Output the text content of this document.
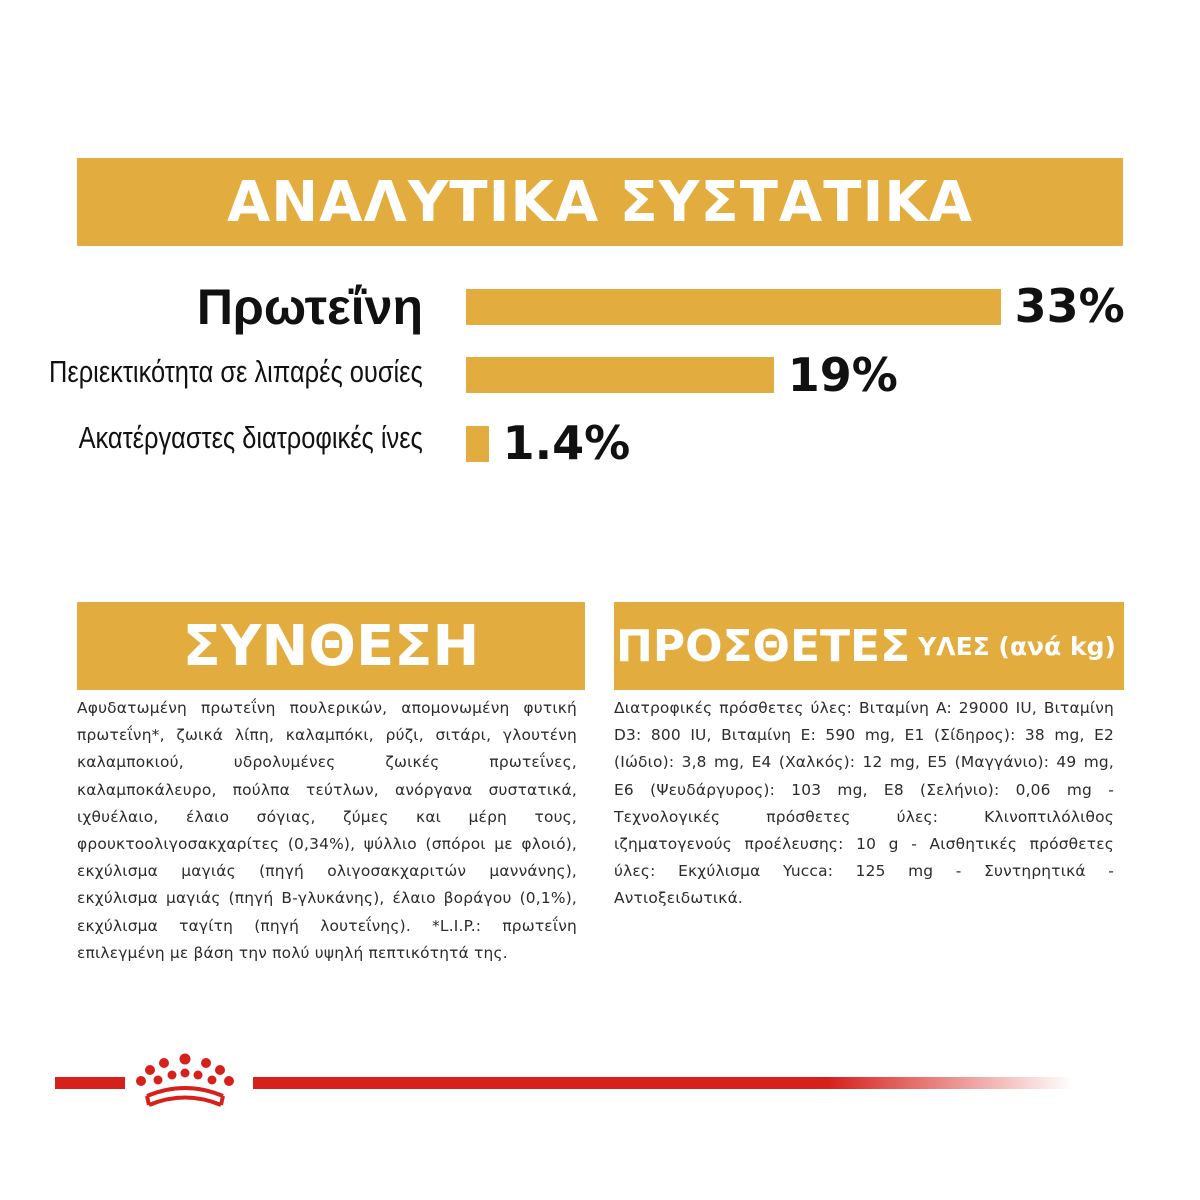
ΑΝΑΛΥΤΙΚΑ ΣΥΣΤΑΤΙΚΑ
Πρωτεΐνη	33%
Περιεκτικότητα σε λιπαρές ουσίες	19%
Ακατέργαστες διατροφικές ίνες 1.4%
ΣΥΝΘΕΣΗ
Αφυδατωμένη πρωτεΐνη πουλερικών, απομονωμένη φυτική πρωτεΐνη*, ζωικά λίπη, καλαμπόκι, ρύζι, σιτάρι, γλουτένη καλαμποκιού, υδρολυμένες ζωικές πρωτεΐνες, καλαμποκάλευρο, πούλπα τεύτλων, ανόργανα συστατικά, ιχθυέλαιο, έλαιο σόγιας, ζύμες και μέρη τους, φρουκτοολιγοσακχαρίτες (0,34%), ψύλλιο (σπόροι με φλοιό), εκχύλισμα μαγιάς (πηγή ολιγοσακχαριτών μαννάνης), εκχύλισμα μαγιάς (πηγή Β-γλυκάνης), έλαιο βοράγου (0,1%), εκχύλισμα ταγίτη (πηγή λουτεΐνης). *L.I.P.: πρωτεΐνη επιλεγμένη με βάση την πολύ υψηλή πεπτικότητά της.
ΠΡΟΣΘΕΤΕΣ ΥΛΕΣ (ανά kg)
Διατροφικές πρόσθετες ύλες: Βιταμίνη A: 29000 IU, Βιταμίνη D3: 800 IU, Βιταμίνη E: 590 mg, E1 (Σίδηρος): 38 mg, E2 (Ιώδιο): 3,8 mg, E4 (Χαλκός): 12 mg, E5 (Μαγγάνιο): 49 mg, E6 (Ψευδάργυρος): 103 mg, E8 (Σελήνιο): 0,06 mg - Τεχνολογικές πρόσθετες ύλες: Κλινοπτιλόλιθος ιζηματογενούς προέλευσης: 10 g - Αισθητικές πρόσθετες ύλες: Εκχύλισμα Yucca: 125 mg - Συντηρητικά - Αντιοξειδωτικά.
